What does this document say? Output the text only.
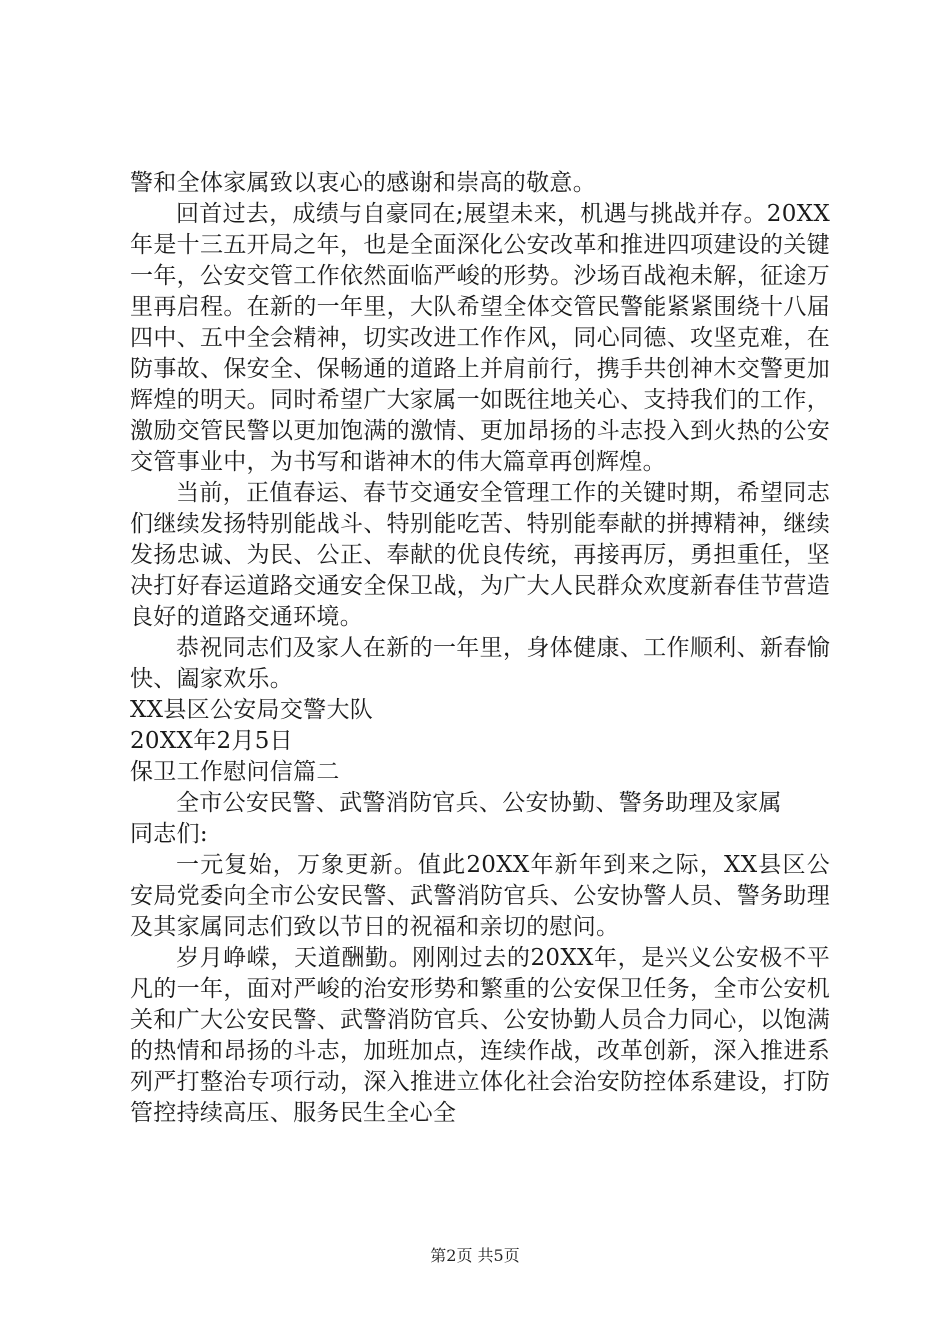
警和全体家属致以衷心的感谢和崇高的敬意。

回首过去，成绩与自豪同在;展望未来，机遇与挑战并存。20XX年是十三五开局之年，也是全面深化公安改革和推进四项建设的关键一年，公安交管工作依然面临严峻的形势。沙场百战袍未解，征途万里再启程。在新的一年里，大队希望全体交管民警能紧紧围绕十八届四中、五中全会精神，切实改进工作作风，同心同德、攻坚克难，在防事故、保安全、保畅通的道路上并肩前行，携手共创神木交警更加辉煌的明天。同时希望广大家属一如既往地关心、支持我们的工作，激励交管民警以更加饱满的激情、更加昂扬的斗志投入到火热的公安交管事业中，为书写和谐神木的伟大篇章再创辉煌。

当前，正值春运、春节交通安全管理工作的关键时期，希望同志们继续发扬特别能战斗、特别能吃苦、特别能奉献的拼搏精神，继续发扬忠诚、为民、公正、奉献的优良传统，再接再厉，勇担重任，坚决打好春运道路交通安全保卫战，为广大人民群众欢度新春佳节营造良好的道路交通环境。

恭祝同志们及家人在新的一年里，身体健康、工作顺利、新春愉快、阖家欢乐。

XX县区公安局交警大队

20XX年2月5日

保卫工作慰问信篇二

全市公安民警、武警消防官兵、公安协勤、警务助理及家属

同志们:

一元复始，万象更新。值此20XX年新年到来之际，XX县区公安局党委向全市公安民警、武警消防官兵、公安协警人员、警务助理及其家属同志们致以节日的祝福和亲切的慰问。

岁月峥嵘，天道酬勤。刚刚过去的20XX年，是兴义公安极不平凡的一年，面对严峻的治安形势和繁重的公安保卫任务，全市公安机关和广大公安民警、武警消防官兵、公安协勤人员合力同心，以饱满的热情和昂扬的斗志，加班加点，连续作战，改革创新，深入推进系列严打整治专项行动，深入推进立体化社会治安防控体系建设，打防管控持续高压、服务民生全心全

第2页 共5页
